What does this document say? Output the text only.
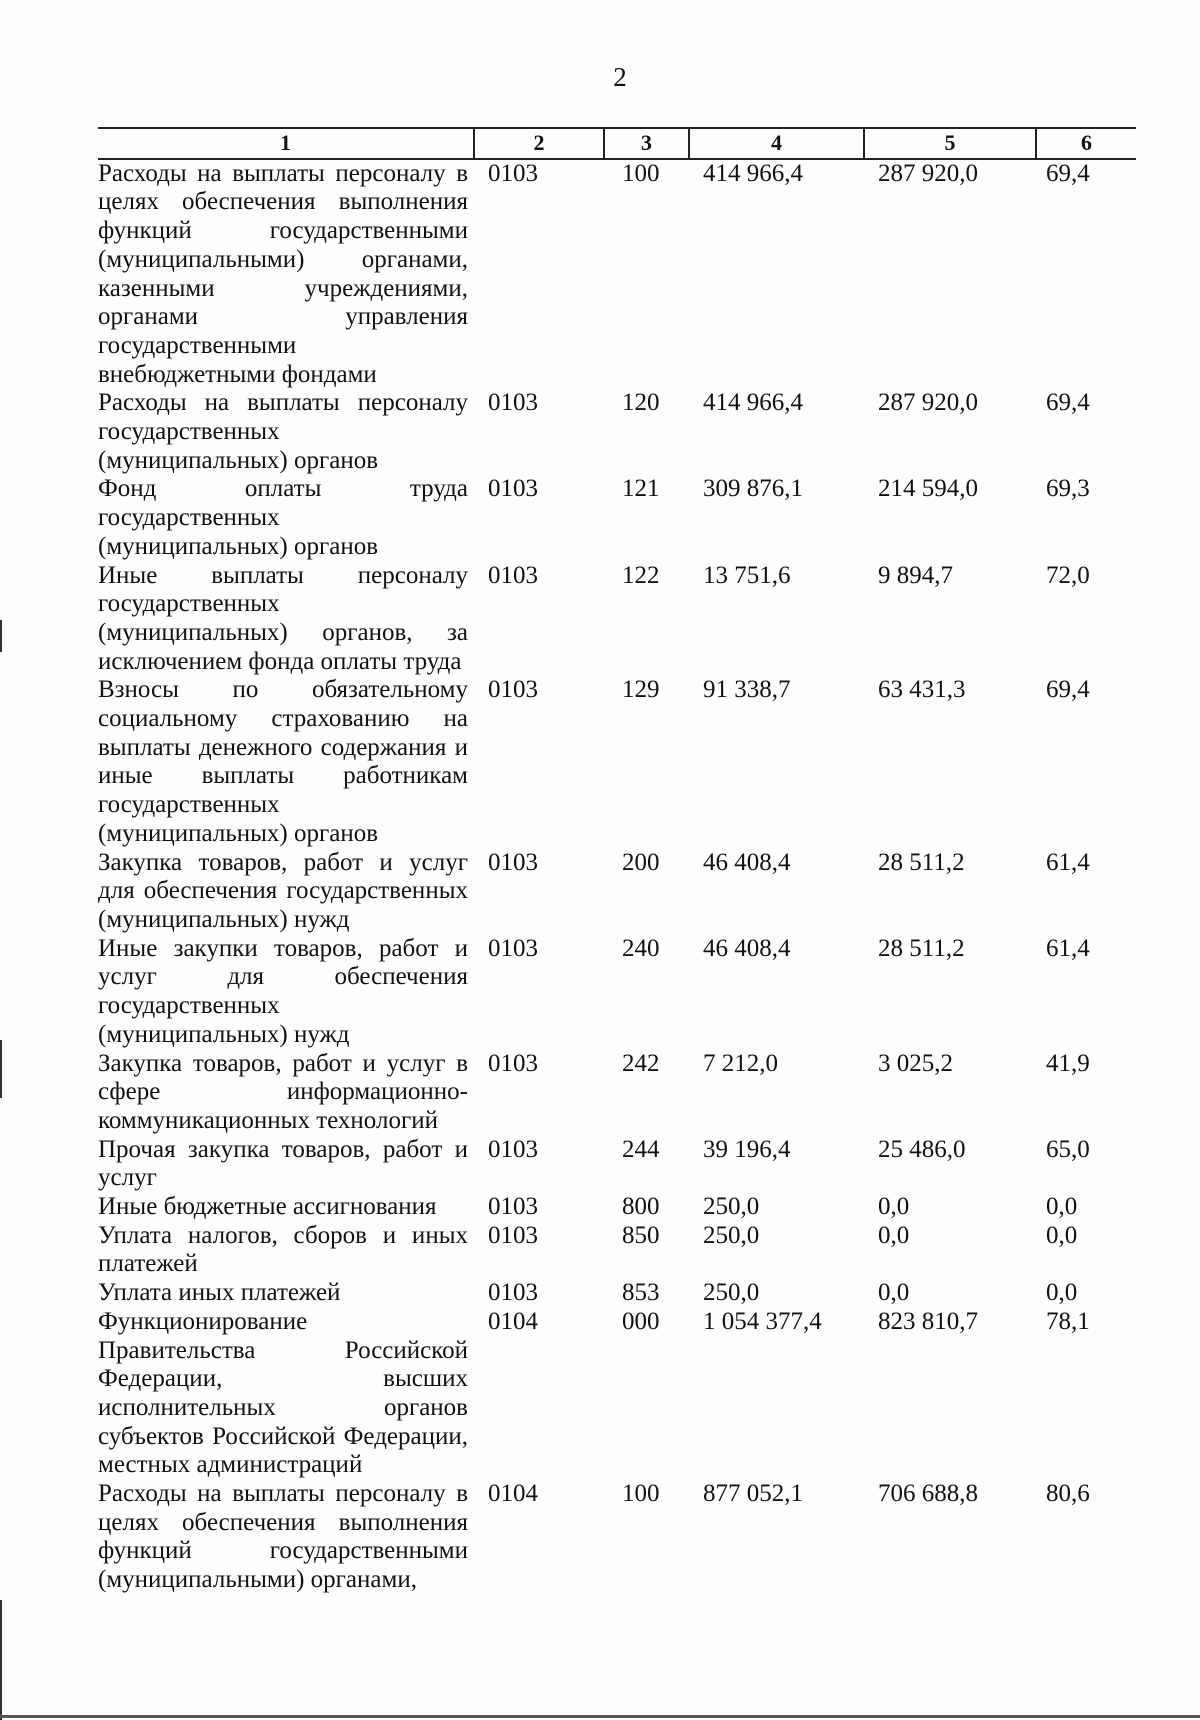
2
1	2	3	4	5	6
Расходы на выплаты персоналу в целях обеспечения выполнения функций государственными (муниципальными) органами, казенными учреждениями, органами управления государственными внебюджетными фондами	0103	100	414 966,4	287 920,0	69,4
Расходы на выплаты персоналу государственных (муниципальных) органов	0103	120	414 966,4	287 920,0	69,4
Фонд оплаты труда государственных (муниципальных) органов	0103	121	309 876,1	214 594,0	69,3
Иные выплаты персоналу государственных (муниципальных) органов, за исключением фонда оплаты труда	0103	122	13 751,6	9 894,7	72,0
Взносы по обязательному социальному страхованию на выплаты денежного содержания и иные выплаты работникам государственных (муниципальных) органов	0103	129	91 338,7	63 431,3	69,4
Закупка товаров, работ и услуг для обеспечения государственных (муниципальных) нужд	0103	200	46 408,4	28 511,2	61,4
Иные закупки товаров, работ и услуг для обеспечения государственных (муниципальных) нужд	0103	240	46 408,4	28 511,2	61,4
Закупка товаров, работ и услуг в сфере информационно-коммуникационных технологий	0103	242	7 212,0	3 025,2	41,9
Прочая закупка товаров, работ и услуг	0103	244	39 196,4	25 486,0	65,0
Иные бюджетные ассигнования	0103	800	250,0	0,0	0,0
Уплата налогов, сборов и иных платежей	0103	850	250,0	0,0	0,0
Уплата иных платежей	0103	853	250,0	0,0	0,0
Функционирование Правительства Российской Федерации, высших исполнительных органов субъектов Российской Федерации, местных администраций	0104	000	1 054 377,4	823 810,7	78,1
Расходы на выплаты персоналу в целях обеспечения выполнения функций государственными (муниципальными) органами,	0104	100	877 052,1	706 688,8	80,6
